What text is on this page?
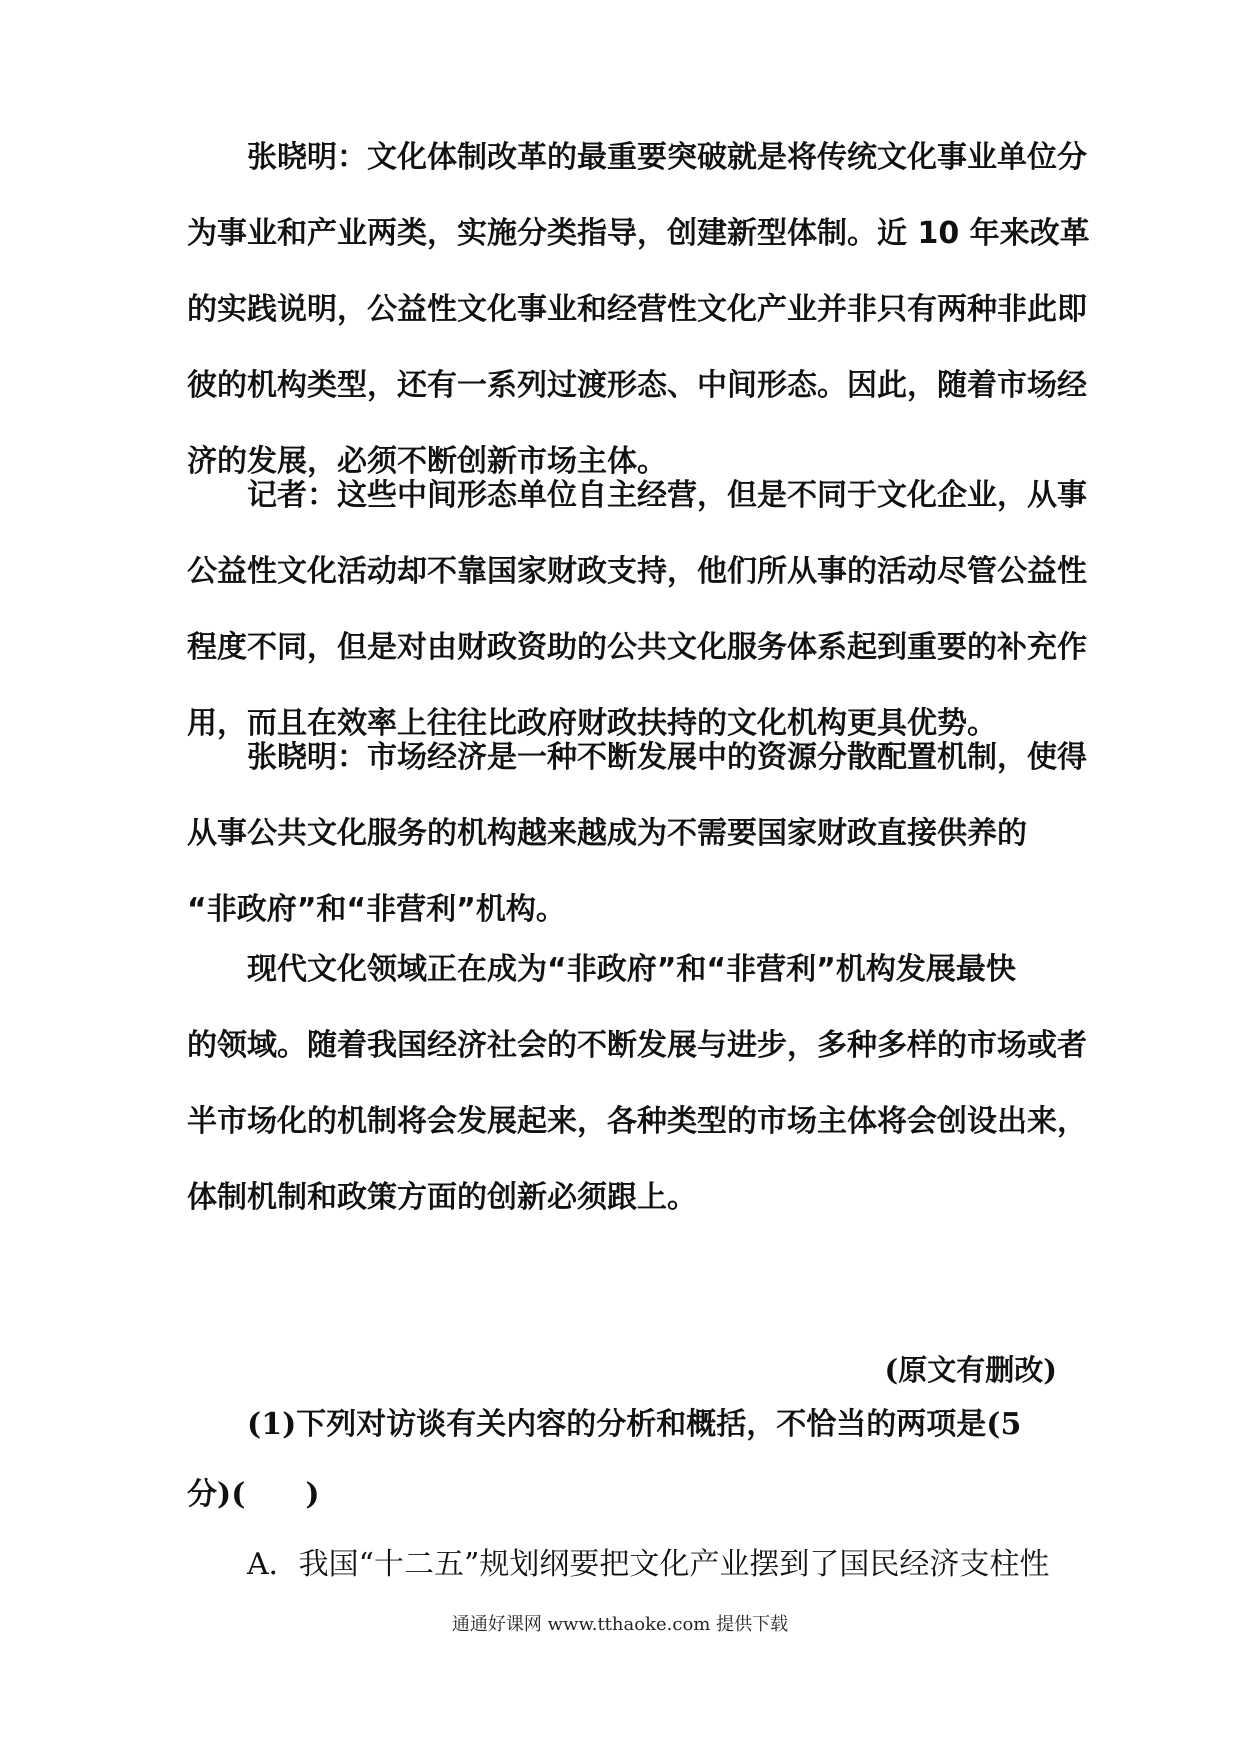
张晓明：文化体制改革的最重要突破就是将传统文化事业单位分
为事业和产业两类，实施分类指导，创建新型体制。近 10 年来改革
的实践说明，公益性文化事业和经营性文化产业并非只有两种非此即
彼的机构类型，还有一系列过渡形态、中间形态。因此，随着市场经
济的发展，必须不断创新市场主体。
记者：这些中间形态单位自主经营，但是不同于文化企业，从事
公益性文化活动却不靠国家财政支持，他们所从事的活动尽管公益性
程度不同，但是对由财政资助的公共文化服务体系起到重要的补充作
用，而且在效率上往往比政府财政扶持的文化机构更具优势。
张晓明：市场经济是一种不断发展中的资源分散配置机制，使得
从事公共文化服务的机构越来越成为不需要国家财政直接供养的
“非政府”和“非营利”机构。
现代文化领域正在成为“非政府”和“非营利”机构发展最快
的领域。随着我国经济社会的不断发展与进步，多种多样的市场或者
半市场化的机制将会发展起来，各种类型的市场主体将会创设出来，
体制机制和政策方面的创新必须跟上。
(原文有删改)
(1)下列对访谈有关内容的分析和概括，不恰当的两项是(5
分)(　　)
A．我国“十二五”规划纲要把文化产业摆到了国民经济支柱性
通通好课网 www.tthaoke.com 提供下载
